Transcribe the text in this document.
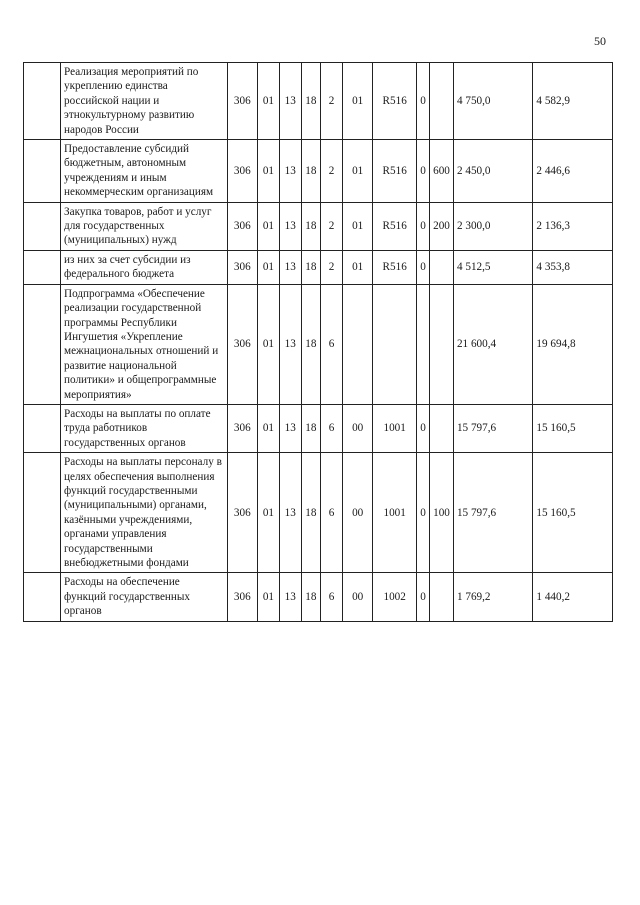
50
	Реализация мероприятий по укреплению единства российской нации и этнокультурному развитию народов России	306	01	13	18	2	01	R516	0		4 750,0	4 582,9
	Предоставление субсидий бюджетным, автономным учреждениям и иным некоммерческим организациям	306	01	13	18	2	01	R516	0	600	2 450,0	2 446,6
	Закупка товаров, работ и услуг для государственных (муниципальных) нужд	306	01	13	18	2	01	R516	0	200	2 300,0	2 136,3
	из них за счет субсидии из федерального бюджета	306	01	13	18	2	01	R516	0		4 512,5	4 353,8
	Подпрограмма «Обеспечение реализации государственной программы Республики Ингушетия «Укрепление межнациональных отношений и развитие национальной политики» и общепрограммные мероприятия»	306	01	13	18	6					21 600,4	19 694,8
	Расходы на выплаты по оплате труда работников государственных органов	306	01	13	18	6	00	1001	0		15 797,6	15 160,5
	Расходы на выплаты персоналу в целях обеспечения выполнения функций государственными (муниципальными) органами, казёнными учреждениями, органами управления государственными внебюджетными фондами	306	01	13	18	6	00	1001	0	100	15 797,6	15 160,5
	Расходы на обеспечение функций государственных органов	306	01	13	18	6	00	1002	0		1 769,2	1 440,2
